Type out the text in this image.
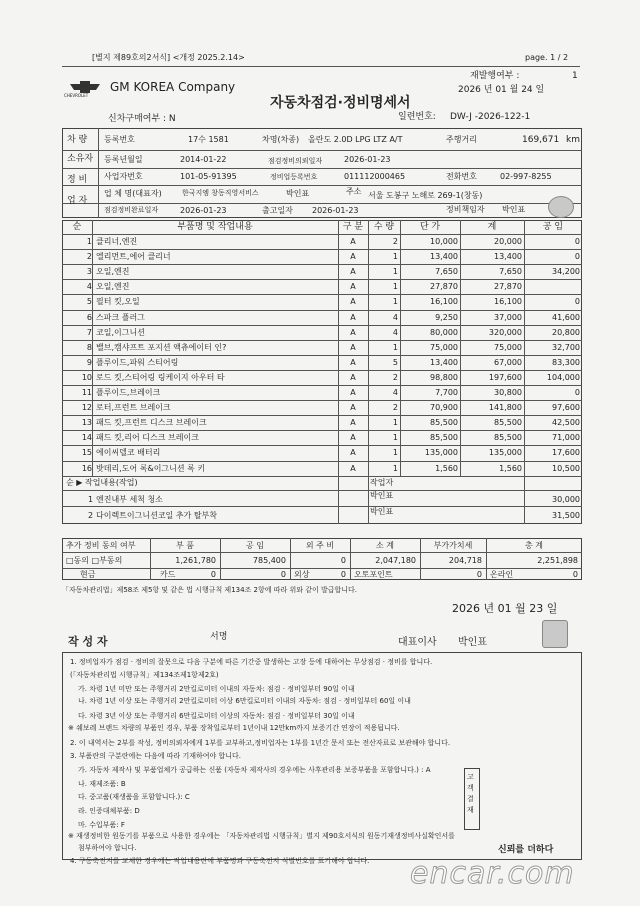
[별지 제89호의2서식] <개정 2025.2.14>	page. 1 / 2
CHEVROLET
GM KOREA Company
재발행여부 :	1
2026 년 01 월 24 일
자동차점검·정비명세서
신차구매여부 : N	일련번호: DW-J -2026-122-1
차 량
소유자
등록번호	17수 1581	차명(차종) 올란도 2.0D LPG LTZ A/T	주행거리	169,671 km
등록년월일	2014-01-22	점검정비의뢰일자	2026-01-23
정 비
업 자
사업자번호	101-05-91395	정비업등록번호	011112000465	전화번호	02-997-8255
업 체 명(대표자)	한국지엠 창동직영서비스	박인표	주소 서울 도봉구 노해로 269-1(창동)
점검정비완료일자	2026-01-23	출고일자 2026-01-23	정비책임자 박인표
순	부품명 및 작업내용	구 분	수 량	단 가	계	공 임
1 클리너,엔진	A	2	10,000	20,000	0
2 엘리먼트,에어 클리너	A	1	13,400	13,400	0
3 오일,엔진	A	1	7,650	7,650	34,200
4 오일,엔진	A	1	27,870	27,870
5 필터 킷,오일	A	1	16,100	16,100	0
6 스파크 플러그	A	4	9,250	37,000	41,600
7 코일,이그니션	A	4	80,000	320,000	20,800
8 밸브,캠샤프트 포지션 액츄에이터 인?	A	1	75,000	75,000	32,700
9 플루이드,파워 스티어링	A	5	13,400	67,000	83,300
10 로드 킷,스티어링 링케이지 아우터 타	A	2	98,800	197,600	104,000
11 플루이드,브레이크	A	4	7,700	30,800	0
12 로터,프런트 브레이크	A	2	70,900	141,800	97,600
13 패드 킷,프런트 디스크 브레이크	A	1	85,500	85,500	42,500
14 패드 킷,리어 디스크 브레이크	A	1	85,500	85,500	71,000
15 에이씨델코 배터리	A	1	135,000	135,000	17,600
16 밧데리,도어 록&이그니션 록 키	A	1	1,560	1,560	10,500
순 ▶ 작업내용(작업)	작업자
1 엔진내부 세척 청소	박인표	30,000
2 다이렉트이그니션코일 추가 탈부착	박인표	31,500
추가 정비 동의 여부	부 품	공 임	외 주 비	소 계	부가가치세	총 계
□동의 □부동의	1,261,780	785,400	0	2,047,180	204,718	2,251,898
현금	0
카드	0 외상	0 오토포인트	0 온라인	0
「자동차관리법」제58조 제5항 및 같은 법 시행규칙 제134조 2항에 따라 위와 같이 발급합니다.
2026 년 01 월 23 일
작 성 자	서명	대표이사 박인표
1. 정비업자가 점검 · 정비의 잘못으로 다음 구분에 따른 기간중 발생하는 고장 등에 대하여는 무상점검 · 정비를 합니다.
(「자동차관리법 시행규칙」제134조제1항제2호)
가. 차령 1년 미만 또는 주행거리 2만킬로미터 이내의 자동차: 점검 · 정비일부터 90일 이내
나. 차령 1년 이상 또는 주행거리 2만킬로미터 이상 6만킬로미터 이내의 자동차: 점검 · 정비일부터 60일 이내
다. 차령 3년 이상 또는 주행거리 6만킬로미터 이상의 자동차: 점검 · 정비일부터 30일 이내
※ 쉐보레 브랜드 차량의 부품인 경우, 부품 장착일로부터 1년이내 12만km까지 보증기간 연장이 적용됩니다.
2. 이 내역서는 2부를 작성, 정비의뢰자에게 1부를 교부하고,정비업자는 1부를 1년간 문서 또는 전산자료로 보관해야 합니다.
3. 부품란의 구분란에는 다음에 따라 기재하여야 합니다.
가. 자동차 제작사 및 부품업체가 공급하는 신품 (자동차 제작사의 경우에는 사후관리용 보증부품을 포함합니다.) : A
나. 재제조품: B
다. 중고품(재생품을 포함합니다.): C
라. 인증대체부품: D
마. 수입부품: F
※ 재생정비한 원동기를 부품으로 사용한 경우에는 「자동차관리법 시행규칙」별지 제90호서식의 원동기재생정비사실확인서를
첨부하여야 합니다.
4. 구동축전지를 교체한 경우에는 작업내용란에 부품명과 구동축전지 식별번호를 표기해야 합니다.
고객결재
신뢰를 더하다
encar.com
